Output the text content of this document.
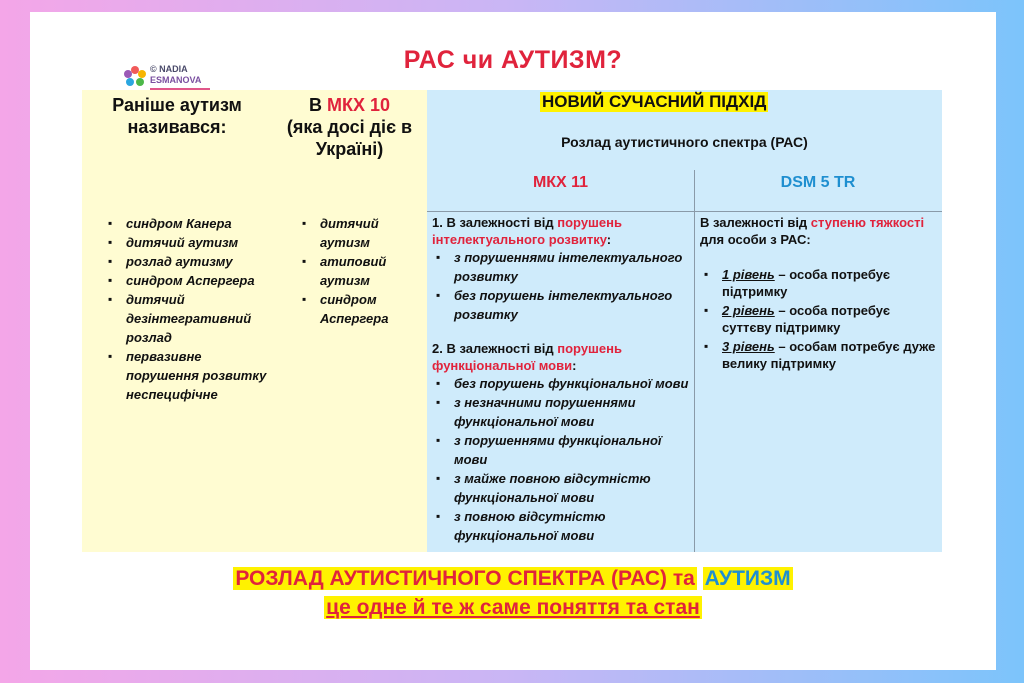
© NADIA
ESMANOVA
РАС чи АУТИЗМ?
Раніше аутизм називався:
В МКХ 10
(яка досі діє в Україні)
НОВИЙ СУЧАСНИЙ ПІДХІД
Розлад аутистичного спектра (РАС)
МКХ 11	DSM 5 TR
▪ синдром Канера
▪ дитячий аутизм
▪ розлад аутизму
▪ синдром Аспергера
▪ дитячий дезінтегративний розлад
▪ первазивне порушення розвитку неспецифічне
▪ дитячий аутизм
▪ атиповий аутизм
▪ синдром Аспергера

1. В залежності від порушень інтелектуального розвитку:

▪ з порушеннями інтелектуального розвитку
▪ без порушень інтелектуального розвитку

2. В залежності від порушень функціональної мови:

▪ без порушень функціональної мови
▪ з незначними порушеннями функціональної мови
▪ з порушеннями функціональної мови
▪ з майже повною відсутністю функціональної мови
▪ з повною відсутністю функціональної мови

В залежності від ступеню тяжкості для особи з РАС:

▪ 1 рівень – особа потребує підтримку
▪ 2 рівень – особа потребує суттєву підтримку
▪ 3 рівень – особам потребує дуже велику підтримку
РОЗЛАД АУТИСТИЧНОГО СПЕКТРА (РАС) та АУТИЗМ
це одне й те ж саме поняття та стан
